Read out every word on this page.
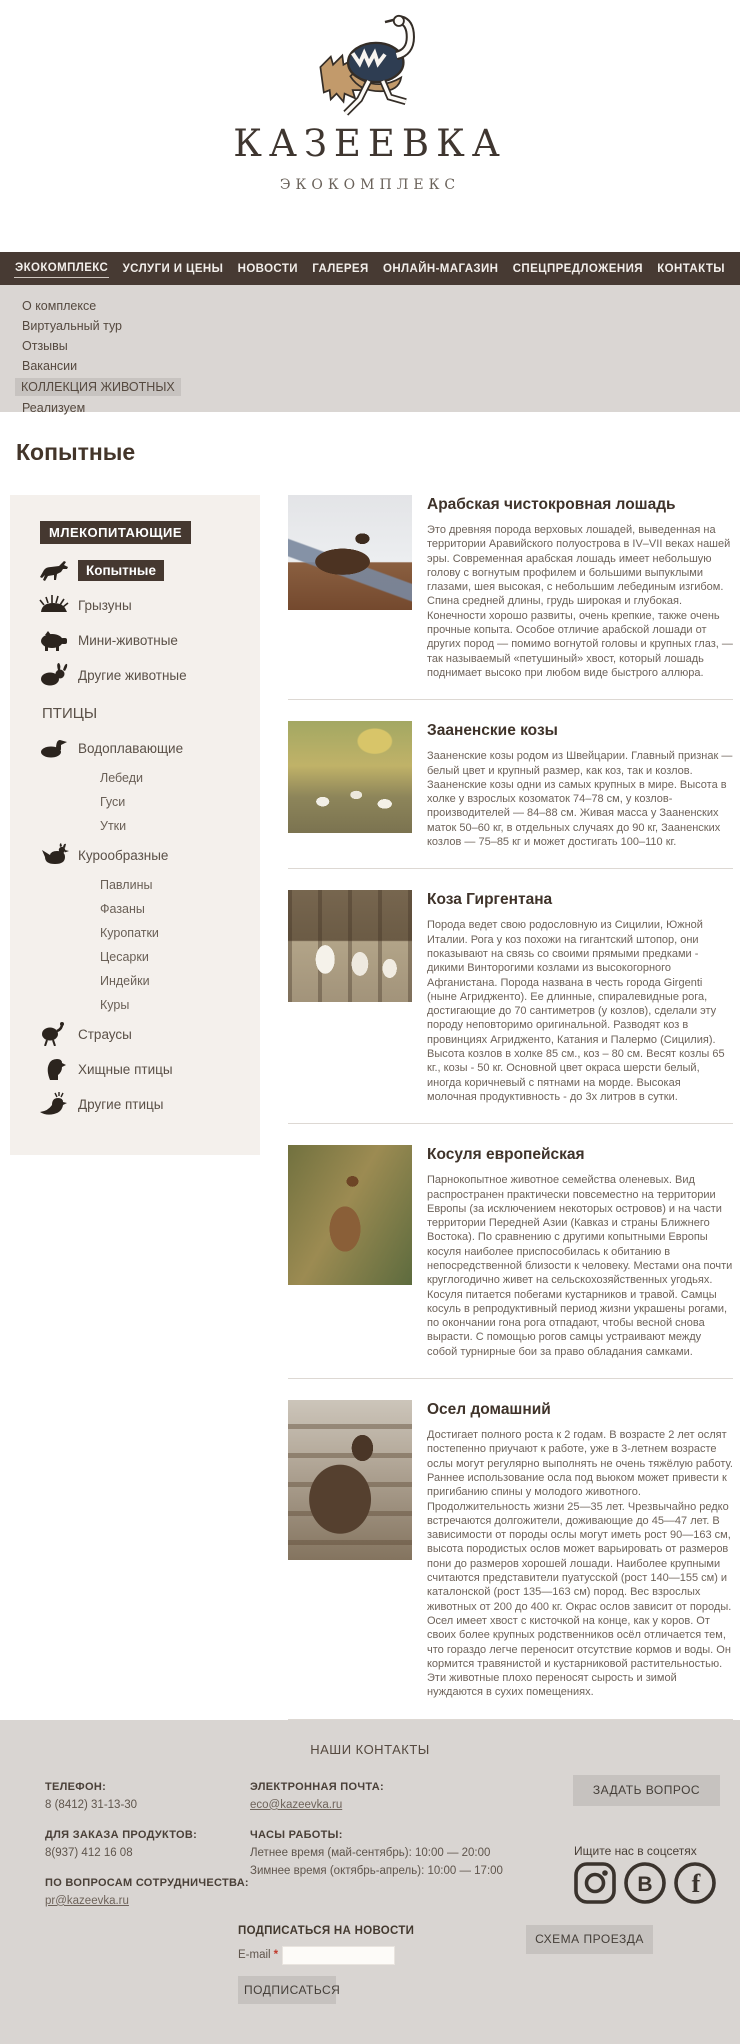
КАЗЕЕВКА
ЭКОКОМПЛЕКС
ЭКОКОМПЛЕКС УСЛУГИ И ЦЕНЫ НОВОСТИ ГАЛЕРЕЯ ОНЛАЙН-МАГАЗИН СПЕЦПРЕДЛОЖЕНИЯ КОНТАКТЫ
О комплексе
Виртуальный тур
Отзывы
Вакансии
КОЛЛЕКЦИЯ ЖИВОТНЫХ
Реализуем
Копытные
МЛЕКОПИТАЮЩИЕ
Копытные
Грызуны
Мини-животные
Другие животные
ПТИЦЫ
Водоплавающие
Лебеди
Гуси
Утки
Курообразные
Павлины
Фазаны
Куропатки
Цесарки
Индейки
Куры
Страусы
Хищные птицы
Другие птицы
Арабская чистокровная лошадь

Это древняя порода верховых лошадей, выведенная на территории Аравийского полуострова в IV–VII веках нашей эры. Современная арабская лошадь имеет небольшую голову с вогнутым профилем и большими выпуклыми глазами, шея высокая, с небольшим лебединым изгибом. Спина средней длины, грудь широкая и глубокая. Конечности хорошо развиты, очень крепкие, также очень прочные копыта. Особое отличие арабской лошади от других пород — помимо вогнутой головы и крупных глаз, — так называемый «петушиный» хвост, который лошадь поднимает высоко при любом виде быстрого аллюра.

Зааненские козы

Зааненские козы родом из Швейцарии. Главный признак — белый цвет и крупный размер, как коз, так и козлов. Зааненские козы одни из самых крупных в мире. Высота в холке у взрослых козоматок 74–78 см, у козлов-производителей — 84–88 см. Живая масса у Зааненских маток 50–60 кг, в отдельных случаях до 90 кг, Зааненских козлов — 75–85 кг и может достигать 100–110 кг.

Коза Гиргентана

Порода ведет свою родословную из Сицилии, Южной Италии. Рога у коз похожи на гигантский штопор, они показывают на связь со своими прямыми предками - дикими Винторогими козлами из высокогорного Афганистана. Порода названа в честь города Girgenti (ныне Агридженто). Ее длинные, спиралевидные рога, достигающие до 70 сантиметров (у козлов), сделали эту породу неповторимо оригинальной. Разводят коз в провинциях Агридженто, Катания и Палермо (Сицилия). Высота козлов в холке 85 см., коз – 80 см. Весят козлы 65 кг., козы - 50 кг. Основной цвет окраса шерсти белый, иногда коричневый с пятнами на морде. Высокая молочная продуктивность - до 3х литров в сутки.

Косуля европейская

Парнокопытное животное семейства оленевых. Вид распространен практически повсеместно на территории Европы (за исключением некоторых островов) и на части территории Передней Азии (Кавказ и страны Ближнего Востока). По сравнению с другими копытными Европы косуля наиболее приспособилась к обитанию в непосредственной близости к человеку. Местами она почти круглогодично живет на сельскохозяйственных угодьях. Косуля питается побегами кустарников и травой. Самцы косуль в репродуктивный период жизни украшены рогами, по окончании гона рога отпадают, чтобы весной снова вырасти. С помощью рогов самцы устраивают между собой турнирные бои за право обладания самками.

Осел домашний

Достигает полного роста к 2 годам. В возрасте 2 лет ослят постепенно приучают к работе, уже в 3-летнем возрасте ослы могут регулярно выполнять не очень тяжёлую работу. Раннее использование осла под вьюком может привести к пригибанию спины у молодого животного. Продолжительность жизни 25—35 лет. Чрезвычайно редко встречаются долгожители, доживающие до 45—47 лет. В зависимости от породы ослы могут иметь рост 90—163 см, высота породистых ослов может варьировать от размеров пони до размеров хорошей лошади. Наиболее крупными считаются представители пуатусской (рост 140—155 см) и каталонской (рост 135—163 см) пород. Вес взрослых животных от 200 до 400 кг. Окрас ослов зависит от породы. Осел имеет хвост с кисточкой на конце, как у коров. От своих более крупных родственников осёл отличается тем, что гораздо легче переносит отсутствие кормов и воды. Он кормится травянистой и кустарниковой растительностью. Эти животные плохо переносят сырость и зимой нуждаются в сухих помещениях.

НАШИ КОНТАКТЫ
ТЕЛЕФОН:
8 (8412) 31-13-30
ДЛЯ ЗАКАЗА ПРОДУКТОВ:
8(937) 412 16 08
ПО ВОПРОСАМ СОТРУДНИЧЕСТВА:
pr@kazeevka.ru
ЭЛЕКТРОННАЯ ПОЧТА:
eco@kazeevka.ru
ЧАСЫ РАБОТЫ:
Летнее время (май-сентябрь): 10:00 — 20:00
Зимнее время (октябрь-апрель): 10:00 — 17:00
ЗАДАТЬ ВОПРОС
Ищите нас в соцсетях
В f
ПОДПИСАТЬСЯ НА НОВОСТИ
E-mail *
ПОДПИСАТЬСЯ
СХЕМА ПРОЕЗДА
